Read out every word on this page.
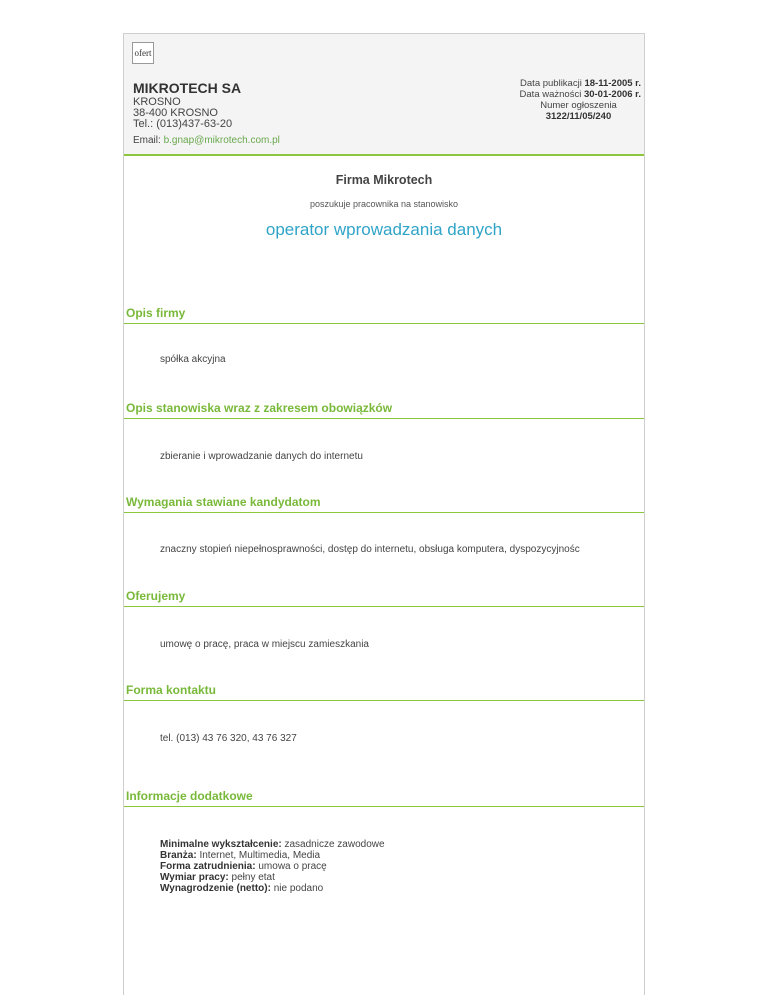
ofert
MIKROTECH SA
KROSNO
38-400 KROSNO
Tel.: (013)437-63-20
Data publikacji 18-11-2005 r.
Data ważności 30-01-2006 r.
Numer ogłoszenia
3122/11/05/240
Email: b.gnap@mikrotech.com.pl
Firma Mikrotech
poszukuje pracownika na stanowisko
operator wprowadzania danych
Opis firmy
spółka akcyjna
Opis stanowiska wraz z zakresem obowiązków
zbieranie i wprowadzanie danych do internetu
Wymagania stawiane kandydatom
znaczny stopień niepełnosprawności, dostęp do internetu, obsługa komputera, dyspozycyjnośc
Oferujemy
umowę o pracę, praca w miejscu zamieszkania
Forma kontaktu
tel. (013) 43 76 320, 43 76 327
Informacje dodatkowe
Minimalne wykształcenie: zasadnicze zawodowe
Branża: Internet, Multimedia, Media
Forma zatrudnienia: umowa o pracę
Wymiar pracy: pełny etat
Wynagrodzenie (netto): nie podano
